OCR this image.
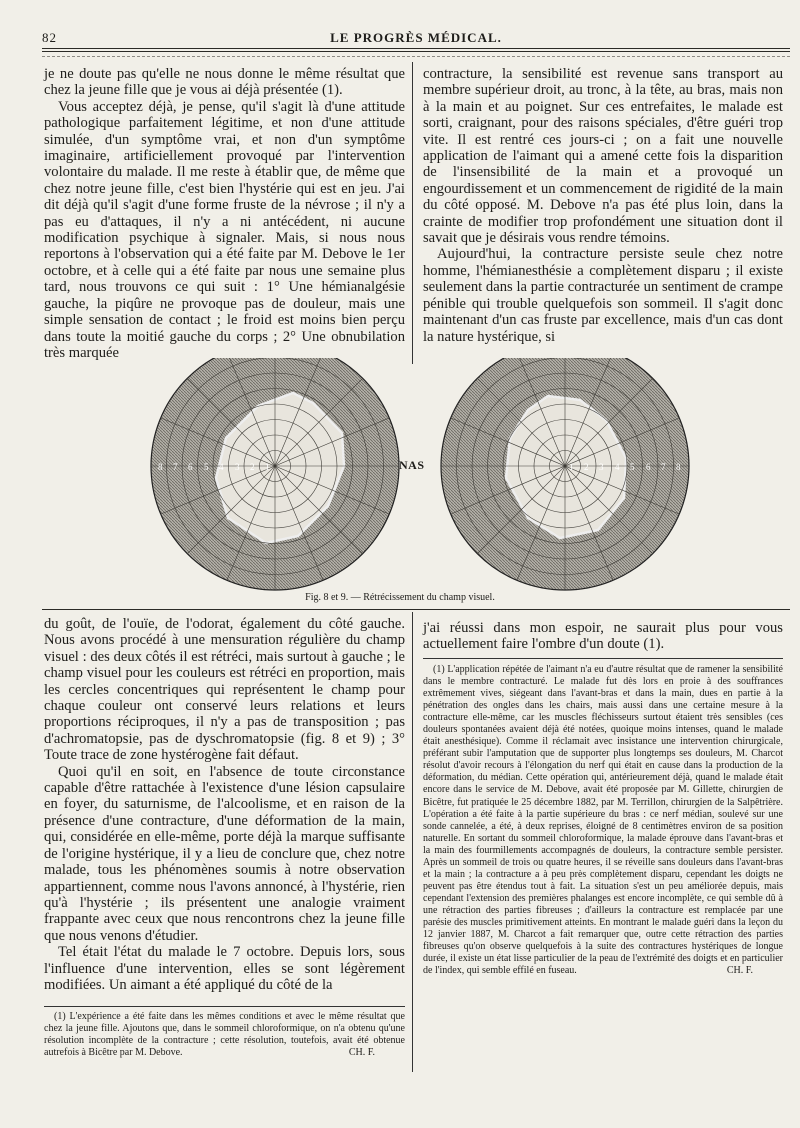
82	LE PROGRÈS MÉDICAL.

je ne doute pas qu'elle ne nous donne le même résultat que chez la jeune fille que je vous ai déjà présentée (1).

Vous acceptez déjà, je pense, qu'il s'agit là d'une attitude pathologique parfaitement légitime, et non d'une attitude simulée, d'un symptôme vrai, et non d'un symptôme imaginaire, artificiellement provoqué par l'intervention volontaire du malade. Il me reste à établir que, de même que chez notre jeune fille, c'est bien l'hystérie qui est en jeu. J'ai dit déjà qu'il s'agit d'une forme fruste de la névrose ; il n'y a pas eu d'attaques, il n'y a ni antécédent, ni aucune modification psychique à signaler. Mais, si nous nous reportons à l'observation qui a été faite par M. Debove le 1er octobre, et à celle qui a été faite par nous une semaine plus tard, nous trouvons ce qui suit : 1° Une hémianalgésie gauche, la piqûre ne provoque pas de douleur, mais une simple sensation de contact ; le froid est moins bien perçu dans toute la moitié gauche du corps ; 2° Une obnubilation très marquée

contracture, la sensibilité est revenue sans transport au membre supérieur droit, au tronc, à la tête, au bras, mais non à la main et au poignet. Sur ces entrefaites, le malade est sorti, craignant, pour des raisons spéciales, d'être guéri trop vite. Il est rentré ces jours-ci ; on a fait une nouvelle application de l'aimant qui a amené cette fois la disparition de l'insensibilité de la main et a provoqué un engourdissement et un commencement de rigidité de la main du côté opposé. M. Debove n'a pas été plus loin, dans la crainte de modifier trop profondément une situation dont il savait que je désirais vous rendre témoins.

Aujourd'hui, la contracture persiste seule chez notre homme, l'hémianesthésie a complètement disparu ; il existe seulement dans la partie contracturée un sentiment de crampe pénible qui trouble quelquefois son sommeil. Il s'agit donc maintenant d'un cas fruste par excellence, mais d'un cas dont la nature hystérique, si

8 7 6 5 4 3 2 1	1 2 3 4 5 6 7 8
NAS
Fig. 8 et 9. — Rétrécissement du champ visuel.

du goût, de l'ouïe, de l'odorat, également du côté gauche. Nous avons procédé à une mensuration régulière du champ visuel : des deux côtés il est rétréci, mais surtout à gauche ; le champ visuel pour les couleurs est rétréci en proportion, mais les cercles concentriques qui représentent le champ pour chaque couleur ont conservé leurs relations et leurs proportions réciproques, il n'y a pas de transposition ; pas d'achromatopsie, pas de dyschromatopsie (fig. 8 et 9) ; 3° Toute trace de zone hystérogène fait défaut.

Quoi qu'il en soit, en l'absence de toute circonstance capable d'être rattachée à l'existence d'une lésion capsulaire en foyer, du saturnisme, de l'alcoolisme, et en raison de la présence d'une contracture, d'une déformation de la main, qui, considérée en elle-même, porte déjà la marque suffisante de l'origine hystérique, il y a lieu de conclure que, chez notre malade, tous les phénomènes soumis à notre observation appartiennent, comme nous l'avons annoncé, à l'hystérie, rien qu'à l'hystérie ; ils présentent une analogie vraiment frappante avec ceux que nous rencontrons chez la jeune fille que nous venons d'étudier.

Tel était l'état du malade le 7 octobre. Depuis lors, sous l'influence d'une intervention, elles se sont légèrement modifiées. Un aimant a été appliqué du côté de la

j'ai réussi dans mon espoir, ne saurait plus pour vous actuellement faire l'ombre d'un doute (1).

(1) L'application répétée de l'aimant n'a eu d'autre résultat que de ramener la sensibilité dans le membre contracturé. Le malade fut dès lors en proie à des souffrances extrêmement vives, siégeant dans l'avant-bras et dans la main, dues en partie à la pénétration des ongles dans les chairs, mais aussi dans une certaine mesure à la contracture elle-même, car les muscles fléchisseurs surtout étaient très sensibles (ces douleurs spontanées avaient déjà été notées, quoique moins intenses, quand le malade était anesthésique). Comme il réclamait avec insistance une intervention chirurgicale, préférant subir l'amputation que de supporter plus longtemps ses douleurs, M. Charcot résolut d'avoir recours à l'élongation du nerf qui était en cause dans la production de la déformation, du médian. Cette opération qui, antérieurement déjà, quand le malade était encore dans le service de M. Debove, avait été proposée par M. Gillette, chirurgien de Bicêtre, fut pratiquée le 25 décembre 1882, par M. Terrillon, chirurgien de la Salpêtrière. L'opération a été faite à la partie supérieure du bras : ce nerf médian, soulevé sur une sonde cannelée, a été, à deux reprises, éloigné de 8 centimètres environ de sa position naturelle. En sortant du sommeil chloroformique, la malade éprouve dans l'avant-bras et la main des fourmillements accompagnés de douleurs, la contracture semble persister. Après un sommeil de trois ou quatre heures, il se réveille sans douleurs dans l'avant-bras et la main ; la contracture a à peu près complètement disparu, cependant les doigts ne peuvent pas être étendus tout à fait. La situation s'est un peu améliorée depuis, mais cependant l'extension des premières phalanges est encore incomplète, ce qui semble dû à une rétraction des parties fibreuses ; d'ailleurs la contracture est remplacée par une parésie des muscles primitivement atteints. En montrant le malade guéri dans la leçon du 12 janvier 1887, M. Charcot a fait remarquer que, outre cette rétraction des parties fibreuses qu'on observe quelquefois à la suite des contractures hystériques de longue durée, il existe un état lisse particulier de la peau de l'extrémité des doigts et en particulier de l'index, qui semble effilé en fuseau.	CH. F.

(1) L'expérience a été faite dans les mêmes conditions et avec le même résultat que chez la jeune fille. Ajoutons que, dans le sommeil chloroformique, on n'a obtenu qu'une résolution incomplète de la contracture ; cette résolution, toutefois, avait été obtenue autrefois à Bicêtre par M. Debove.	CH. F.
